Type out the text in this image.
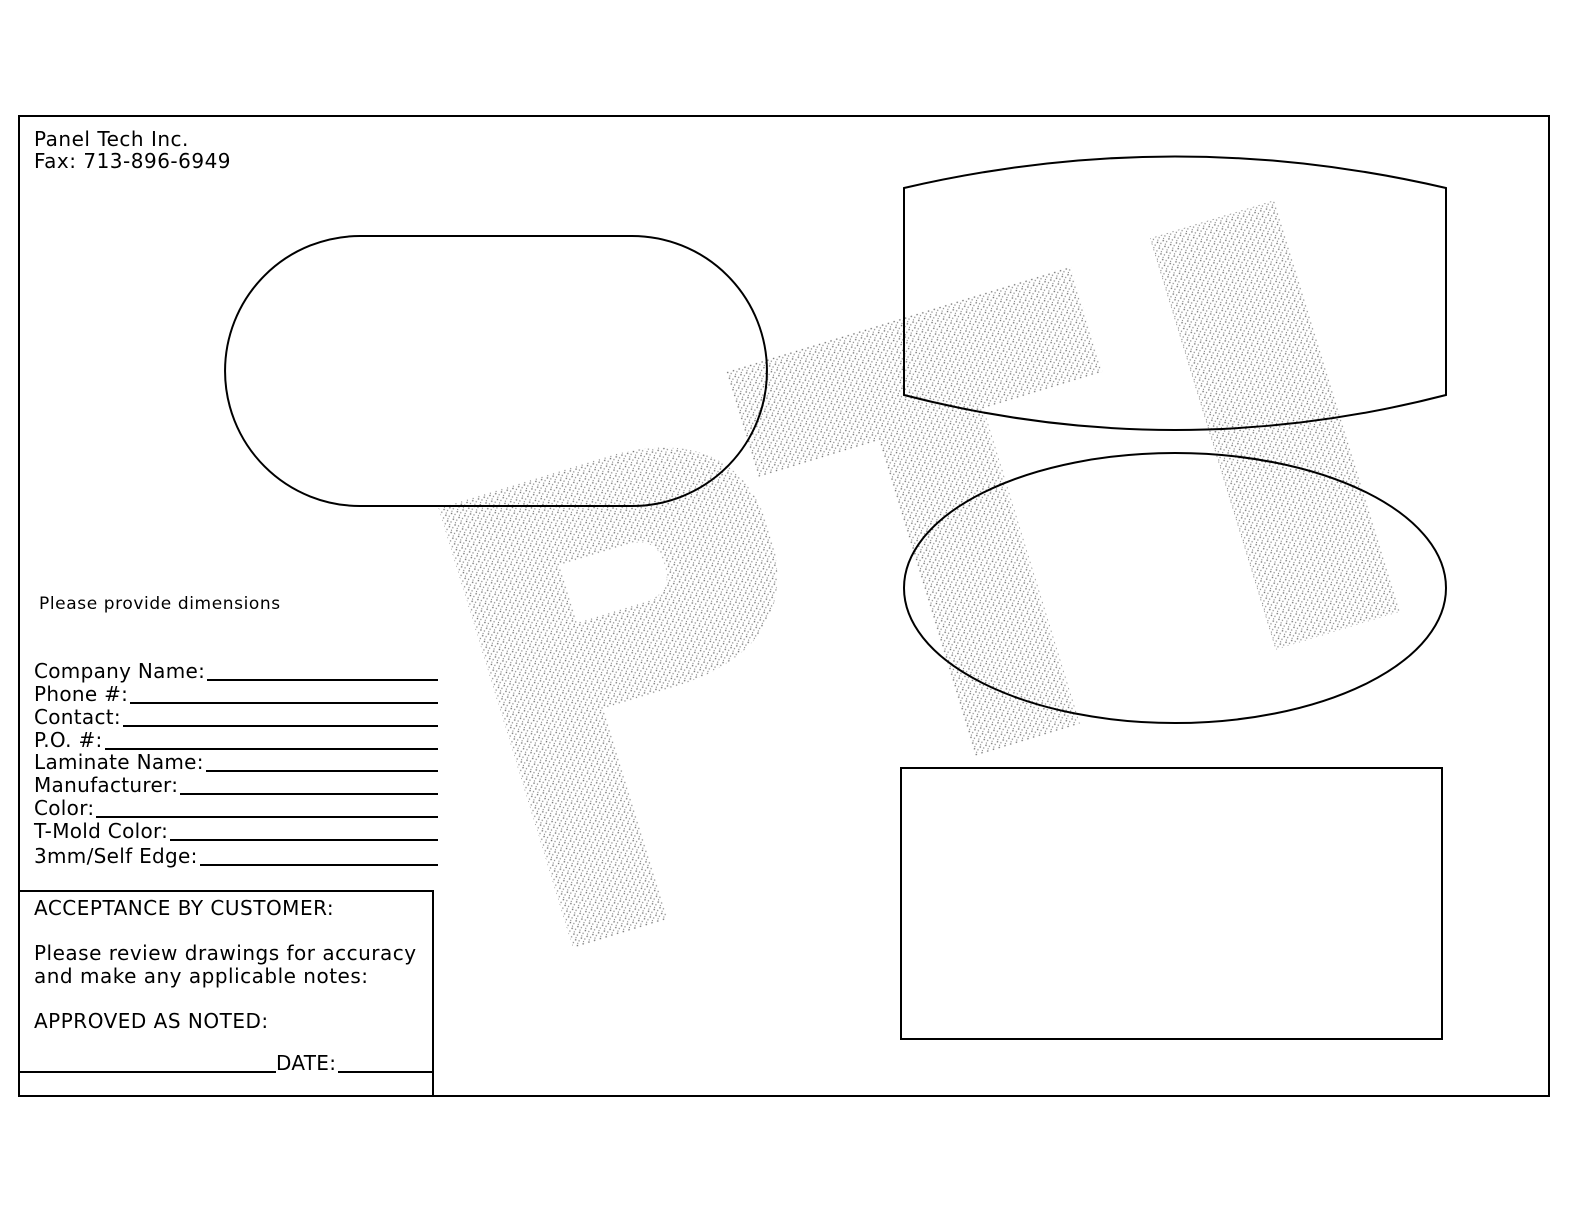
Panel Tech Inc.
Fax: 713-896-6949
Please provide dimensions
Company Name:
Phone #:
Contact:
P.O. #:
Laminate Name:
Manufacturer:
Color:
T-Mold Color:
3mm/Self Edge:
ACCEPTANCE BY CUSTOMER:
Please review drawings for accuracy
and make any applicable notes:
APPROVED AS NOTED:
DATE:
